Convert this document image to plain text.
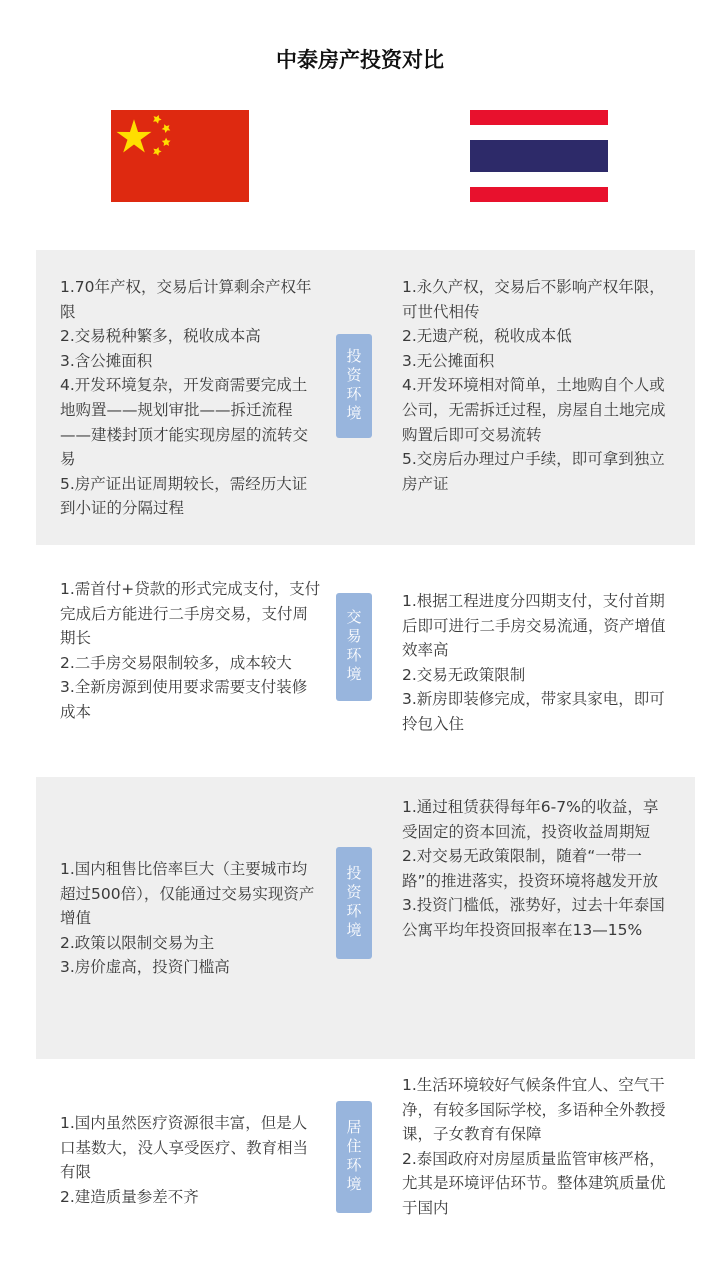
中泰房产投资对比
1.70年产权，交易后计算剩余产权年限
2.交易税种繁多，税收成本高
3.含公摊面积
4.开发环境复杂，开发商需要完成土地购置——规划审批——拆迁流程——建楼封顶才能实现房屋的流转交易
5.房产证出证周期较长，需经历大证到小证的分隔过程
投资环境
1.永久产权，交易后不影响产权年限，可世代相传
2.无遗产税，税收成本低
3.无公摊面积
4.开发环境相对简单，土地购自个人或公司，无需拆迁过程，房屋自土地完成购置后即可交易流转
5.交房后办理过户手续，即可拿到独立房产证
1.需首付+贷款的形式完成支付，支付完成后方能进行二手房交易，支付周期长
2.二手房交易限制较多，成本较大
3.全新房源到使用要求需要支付装修成本
交易环境
1.根据工程进度分四期支付，支付首期后即可进行二手房交易流通，资产增值效率高
2.交易无政策限制
3.新房即装修完成，带家具家电，即可拎包入住
1.国内租售比倍率巨大（主要城市均超过500倍），仅能通过交易实现资产增值
2.政策以限制交易为主
3.房价虚高，投资门槛高
投资环境
1.通过租赁获得每年6-7%的收益，享受固定的资本回流，投资收益周期短
2.对交易无政策限制，随着“一带一路”的推进落实，投资环境将越发开放
3.投资门槛低，涨势好，过去十年泰国公寓平均年投资回报率在13—15%
1.国内虽然医疗资源很丰富，但是人口基数大，没人享受医疗、教育相当有限
2.建造质量参差不齐
居住环境
1.生活环境较好气候条件宜人、空气干净，有较多国际学校，多语种全外教授课，子女教育有保障
2.泰国政府对房屋质量监管审核严格，尤其是环境评估环节。整体建筑质量优于国内
